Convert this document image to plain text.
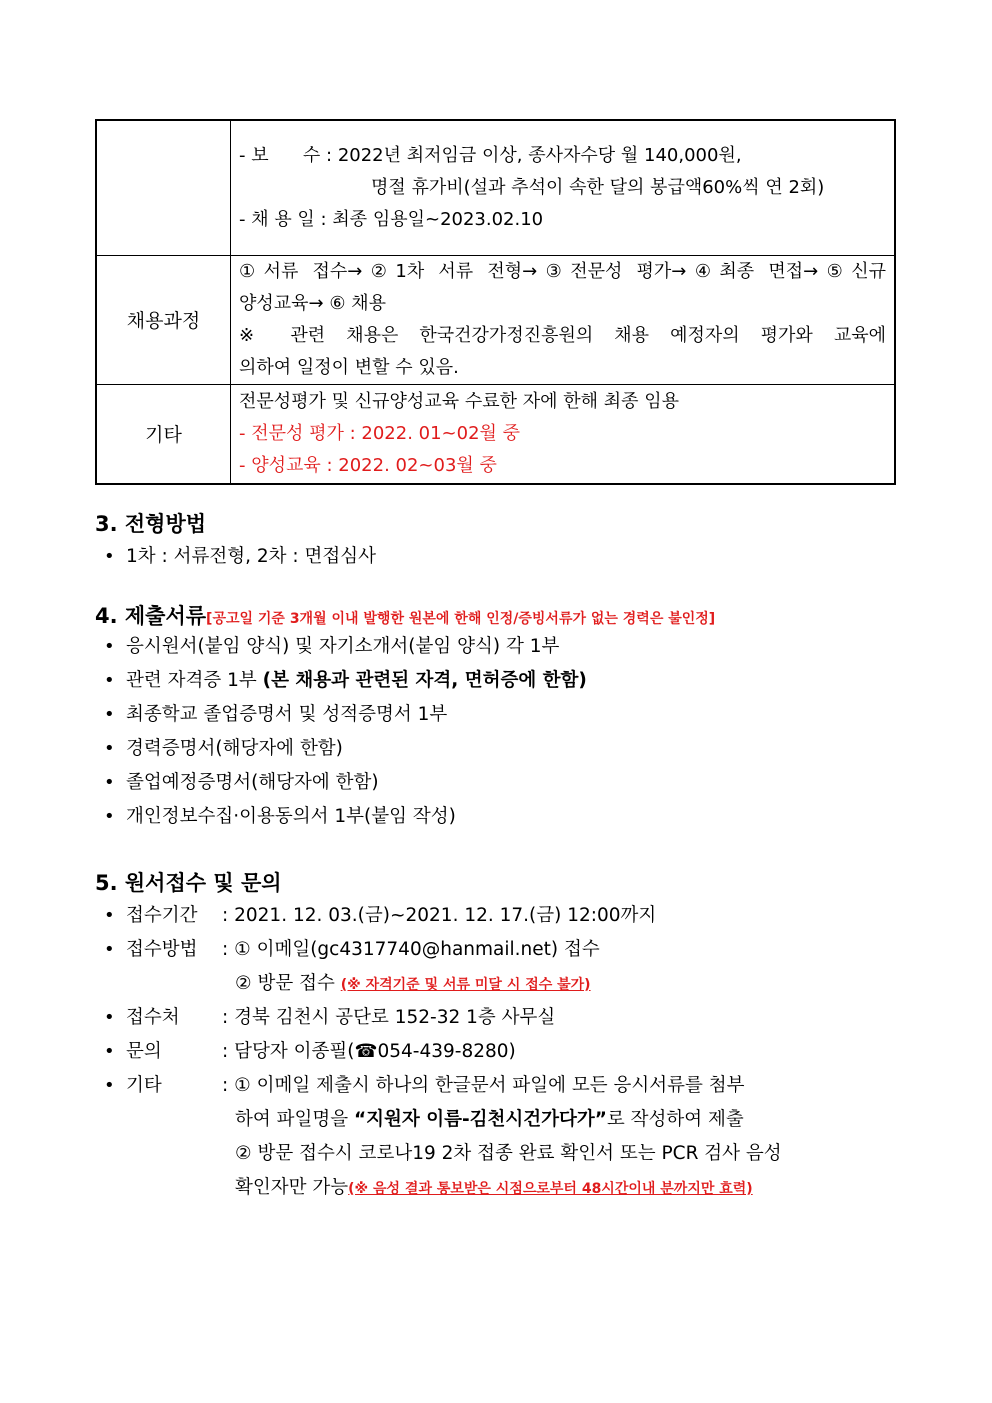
	- 보      수 : 2022년 최저임금 이상, 종사자수당 월 140,000원,
명절 휴가비(설과 추석이 속한 달의 봉급액60%씩 연 2회)
- 채 용 일 : 최종 임용일~2023.02.10

채용과정	①서류 접수→②1차 서류 전형→③전문성 평가→④최종 면접→⑤신규
양성교육→ ⑥ 채용
※ 관련 채용은 한국건강가정진흥원의 채용 예정자의 평가와 교육에
의하여 일정이 변할 수 있음.

기타	전문성평가 및 신규양성교육 수료한 자에 한해 최종 임용
- 전문성 평가 : 2022. 01~02월 중
- 양성교육 : 2022. 02~03월 중
3. 전형방법
• 1차 : 서류전형, 2차 : 면접심사
4. 제출서류[공고일 기준 3개월 이내 발행한 원본에 한해 인정/증빙서류가 없는 경력은 불인정]
• 응시원서(붙임 양식) 및 자기소개서(붙임 양식) 각 1부
• 관련 자격증 1부 (본 채용과 관련된 자격, 면허증에 한함)
• 최종학교 졸업증명서 및 성적증명서 1부
• 경력증명서(해당자에 한함)
• 졸업예정증명서(해당자에 한함)
• 개인정보수집·이용동의서 1부(붙임 작성)
5. 원서접수 및 문의
• 접수기간 : 2021. 12. 03.(금)~2021. 12. 17.(금) 12:00까지
• 접수방법 : ① 이메일(gc4317740@hanmail.net) 접수
② 방문 접수 (※ 자격기준 및 서류 미달 시 접수 불가)
• 접수처 : 경북 김천시 공단로 152-32 1층 사무실
• 문의	: 담당자 이종필(☎054-439-8280)
• 기타	: ① 이메일 제출시 하나의 한글문서 파일에 모든 응시서류를 첨부
하여 파일명을 “지원자 이름-김천시건가다가”로 작성하여 제출
② 방문 접수시 코로나19 2차 접종 완료 확인서 또는 PCR 검사 음성
확인자만 가능(※ 음성 결과 통보받은 시점으로부터 48시간이내 분까지만 효력)
